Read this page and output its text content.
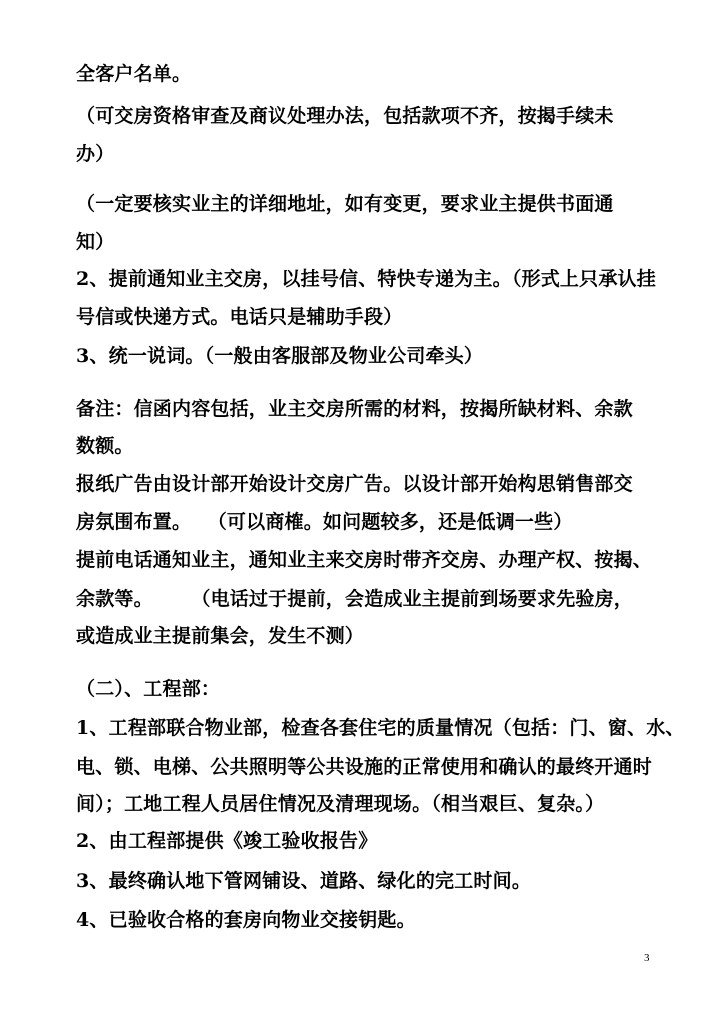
全客户名单。
（可交房资格审查及商议处理办法，包括款项不齐，按揭手续未
办）
（一定要核实业主的详细地址，如有变更，要求业主提供书面通
知）
2、提前通知业主交房，以挂号信、特快专递为主。（形式上只承认挂
号信或快递方式。电话只是辅助手段）
3、统一说词。（一般由客服部及物业公司牵头）
备注：信函内容包括，业主交房所需的材料，按揭所缺材料、余款
数额。
报纸广告由设计部开始设计交房广告。以设计部开始构思销售部交
房氛围布置。　 （可以商榷。如问题较多，还是低调一些）
提前电话通知业主，通知业主来交房时带齐交房、办理产权、按揭、
余款等。　　　（电话过于提前，会造成业主提前到场要求先验房，
或造成业主提前集会，发生不测）
（二）、工程部：
1、工程部联合物业部，检查各套住宅的质量情况（包括：门、窗、水、
电、锁、电梯、公共照明等公共设施的正常使用和确认的最终开通时
间）；工地工程人员居住情况及清理现场。（相当艰巨、复杂。）
2、由工程部提供《竣工验收报告》
3、最终确认地下管网铺设、道路、绿化的完工时间。
4、已验收合格的套房向物业交接钥匙。
3
